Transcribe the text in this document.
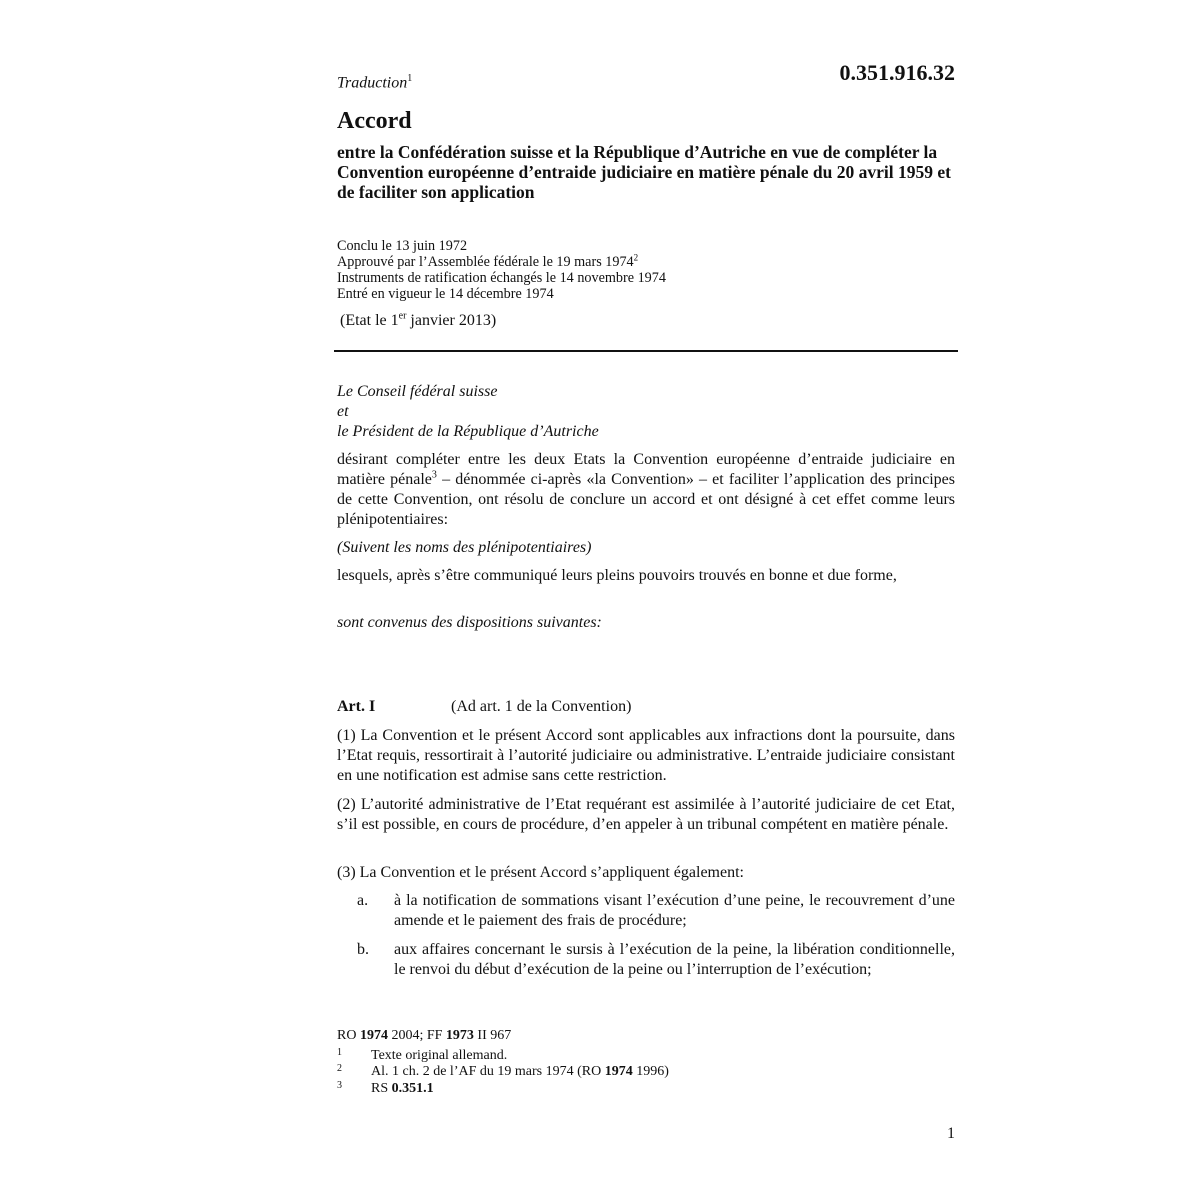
Traduction$^1$	0.351.916.32
Accord
entre la Confédération suisse et la République d’Autriche en vue de compléter la Convention européenne d’entraide judiciaire en matière pénale du 20 avril 1959 et de faciliter son application
Conclu le 13 juin 1972
Approuvé par l’Assemblée fédérale le 19 mars 1974$^2$
Instruments de ratification échangés le 14 novembre 1974
Entré en vigueur le 14 décembre 1974
(Etat le 1er janvier 2013)
Le Conseil fédéral suisse
et
le Président de la République d’Autriche
désirant compléter entre les deux Etats la Convention européenne d’entraide judiciaire en matière pénale$^3$ – dénommée ci-après «la Convention» – et faciliter l’application des principes de cette Convention, ont résolu de conclure un accord et ont désigné à cet effet comme leurs plénipotentiaires:
(Suivent les noms des plénipotentiaires)
lesquels, après s’être communiqué leurs pleins pouvoirs trouvés en bonne et due forme,
sont convenus des dispositions suivantes:
Art. I	(Ad art. 1 de la Convention)
(1) La Convention et le présent Accord sont applicables aux infractions dont la poursuite, dans l’Etat requis, ressortirait à l’autorité judiciaire ou administrative. L’entraide judiciaire consistant en une notification est admise sans cette restriction.
(2) L’autorité administrative de l’Etat requérant est assimilée à l’autorité judiciaire de cet Etat, s’il est possible, en cours de procédure, d’en appeler à un tribunal compétent en matière pénale.
(3) La Convention et le présent Accord s’appliquent également:
a. à la notification de sommations visant l’exécution d’une peine, le recouvrement d’une amende et le paiement des frais de procédure;
b. aux affaires concernant le sursis à l’exécution de la peine, la libération conditionnelle, le renvoi du début d’exécution de la peine ou l’interruption de l’exécution;
RO 1974 2004; FF 1973 II 967
1 Texte original allemand.
2 Al. 1 ch. 2 de l’AF du 19 mars 1974 (RO 1974 1996)
3 RS 0.351.1
1
